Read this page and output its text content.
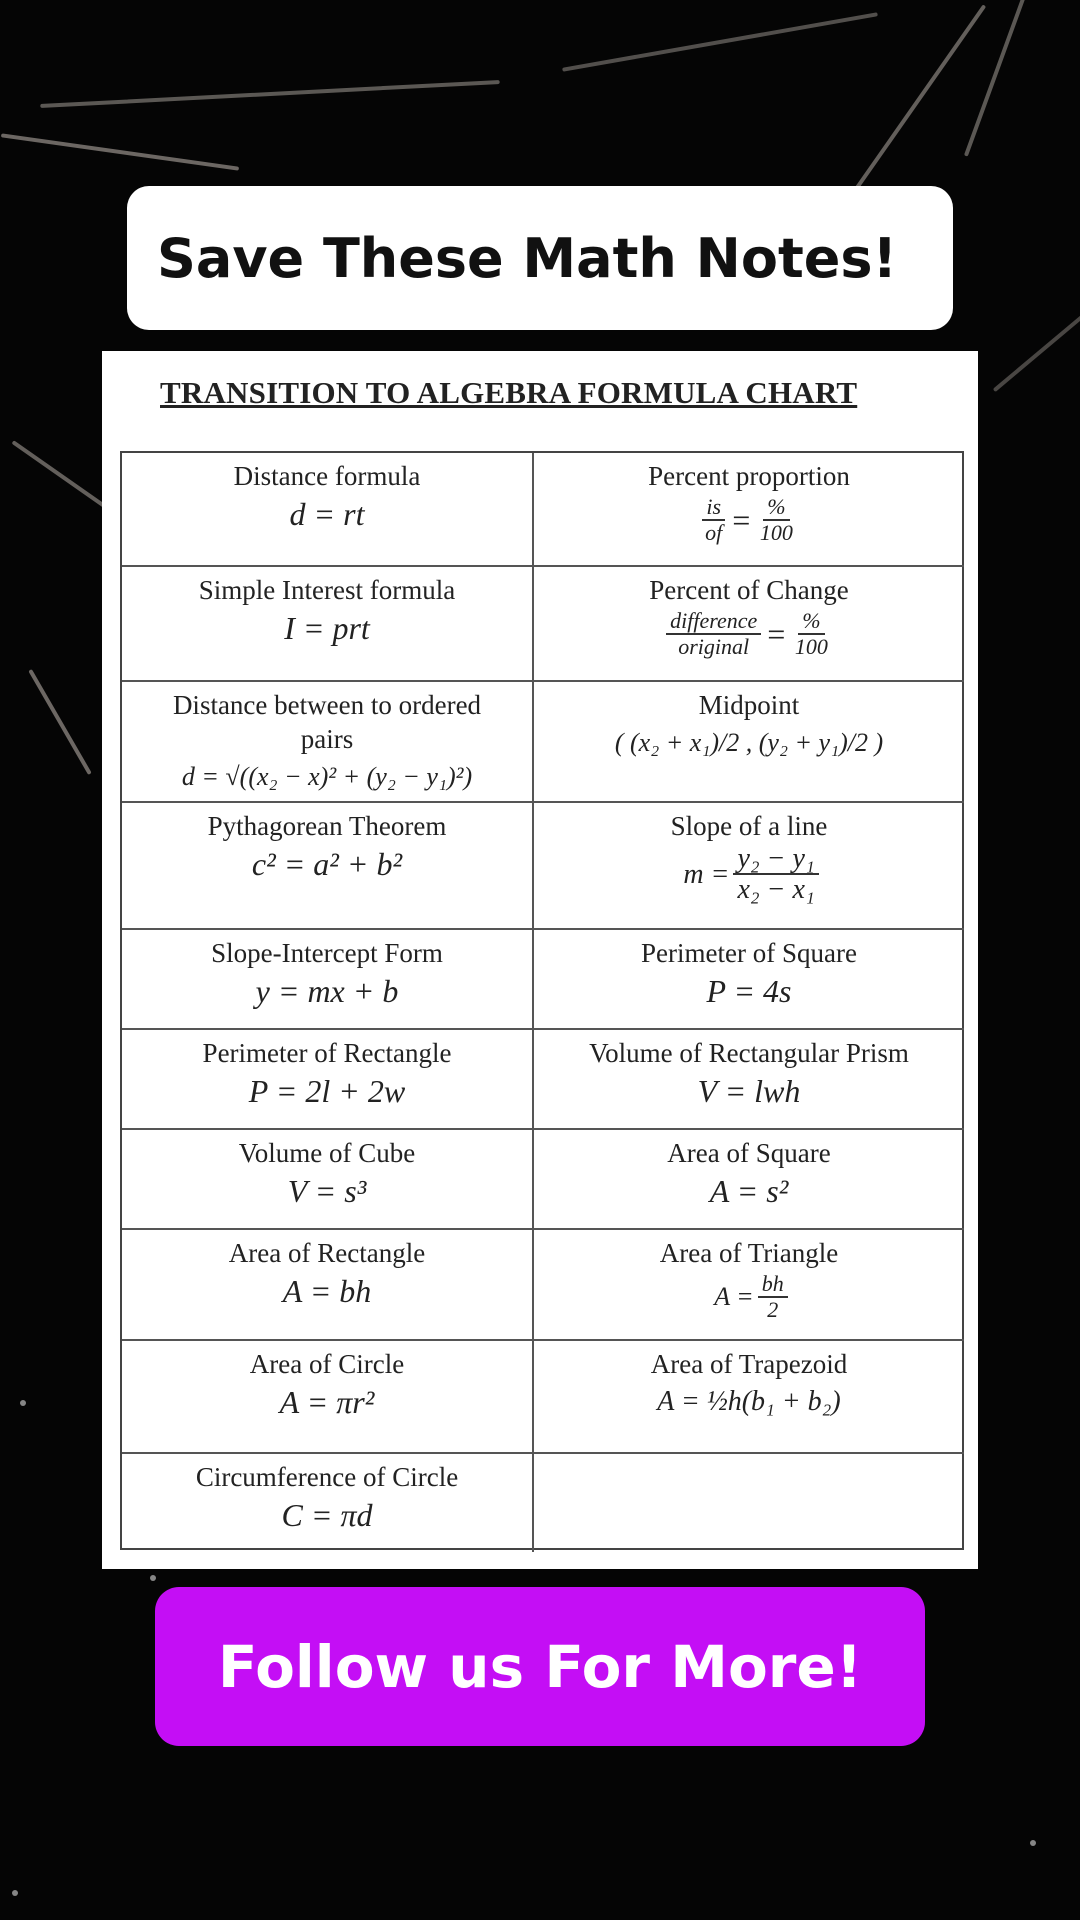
Save These Math Notes!
TRANSITION TO ALGEBRA FORMULA CHART
Distance formula
d = rt
Percent proportion
$\frac{is}{of} = \frac{\%}{100}$
Simple Interest formula
I = prt
Percent of Change
$\frac{\text{difference}}{\text{original}} = \frac{\%}{100}$
Distance between to ordered pairs
d = √((x₂ − x)² + (y₂ − y₁)²)
Midpoint
( (x₂ + x₁)/2 , (y₂ + y₁)/2 )
Pythagorean Theorem
c² = a² + b²
Slope of a line
$m = \frac{\text{y₂ − y₁}}{\text{x₂ − x₁}}$
Slope-Intercept Form
y = mx + b
Perimeter of Square
P = 4s
Perimeter of Rectangle
P = 2l + 2w
Volume of Rectangular Prism
V = lwh
Volume of Cube
V = s³
Area of Square
A = s²
Area of Rectangle
A = bh
Area of Triangle
$A = \frac{bh}{2}$
Area of Circle
A = πr²
Area of Trapezoid
A = ½h(b₁ + b₂)
Circumference of Circle
C = πd
Follow us For More!
